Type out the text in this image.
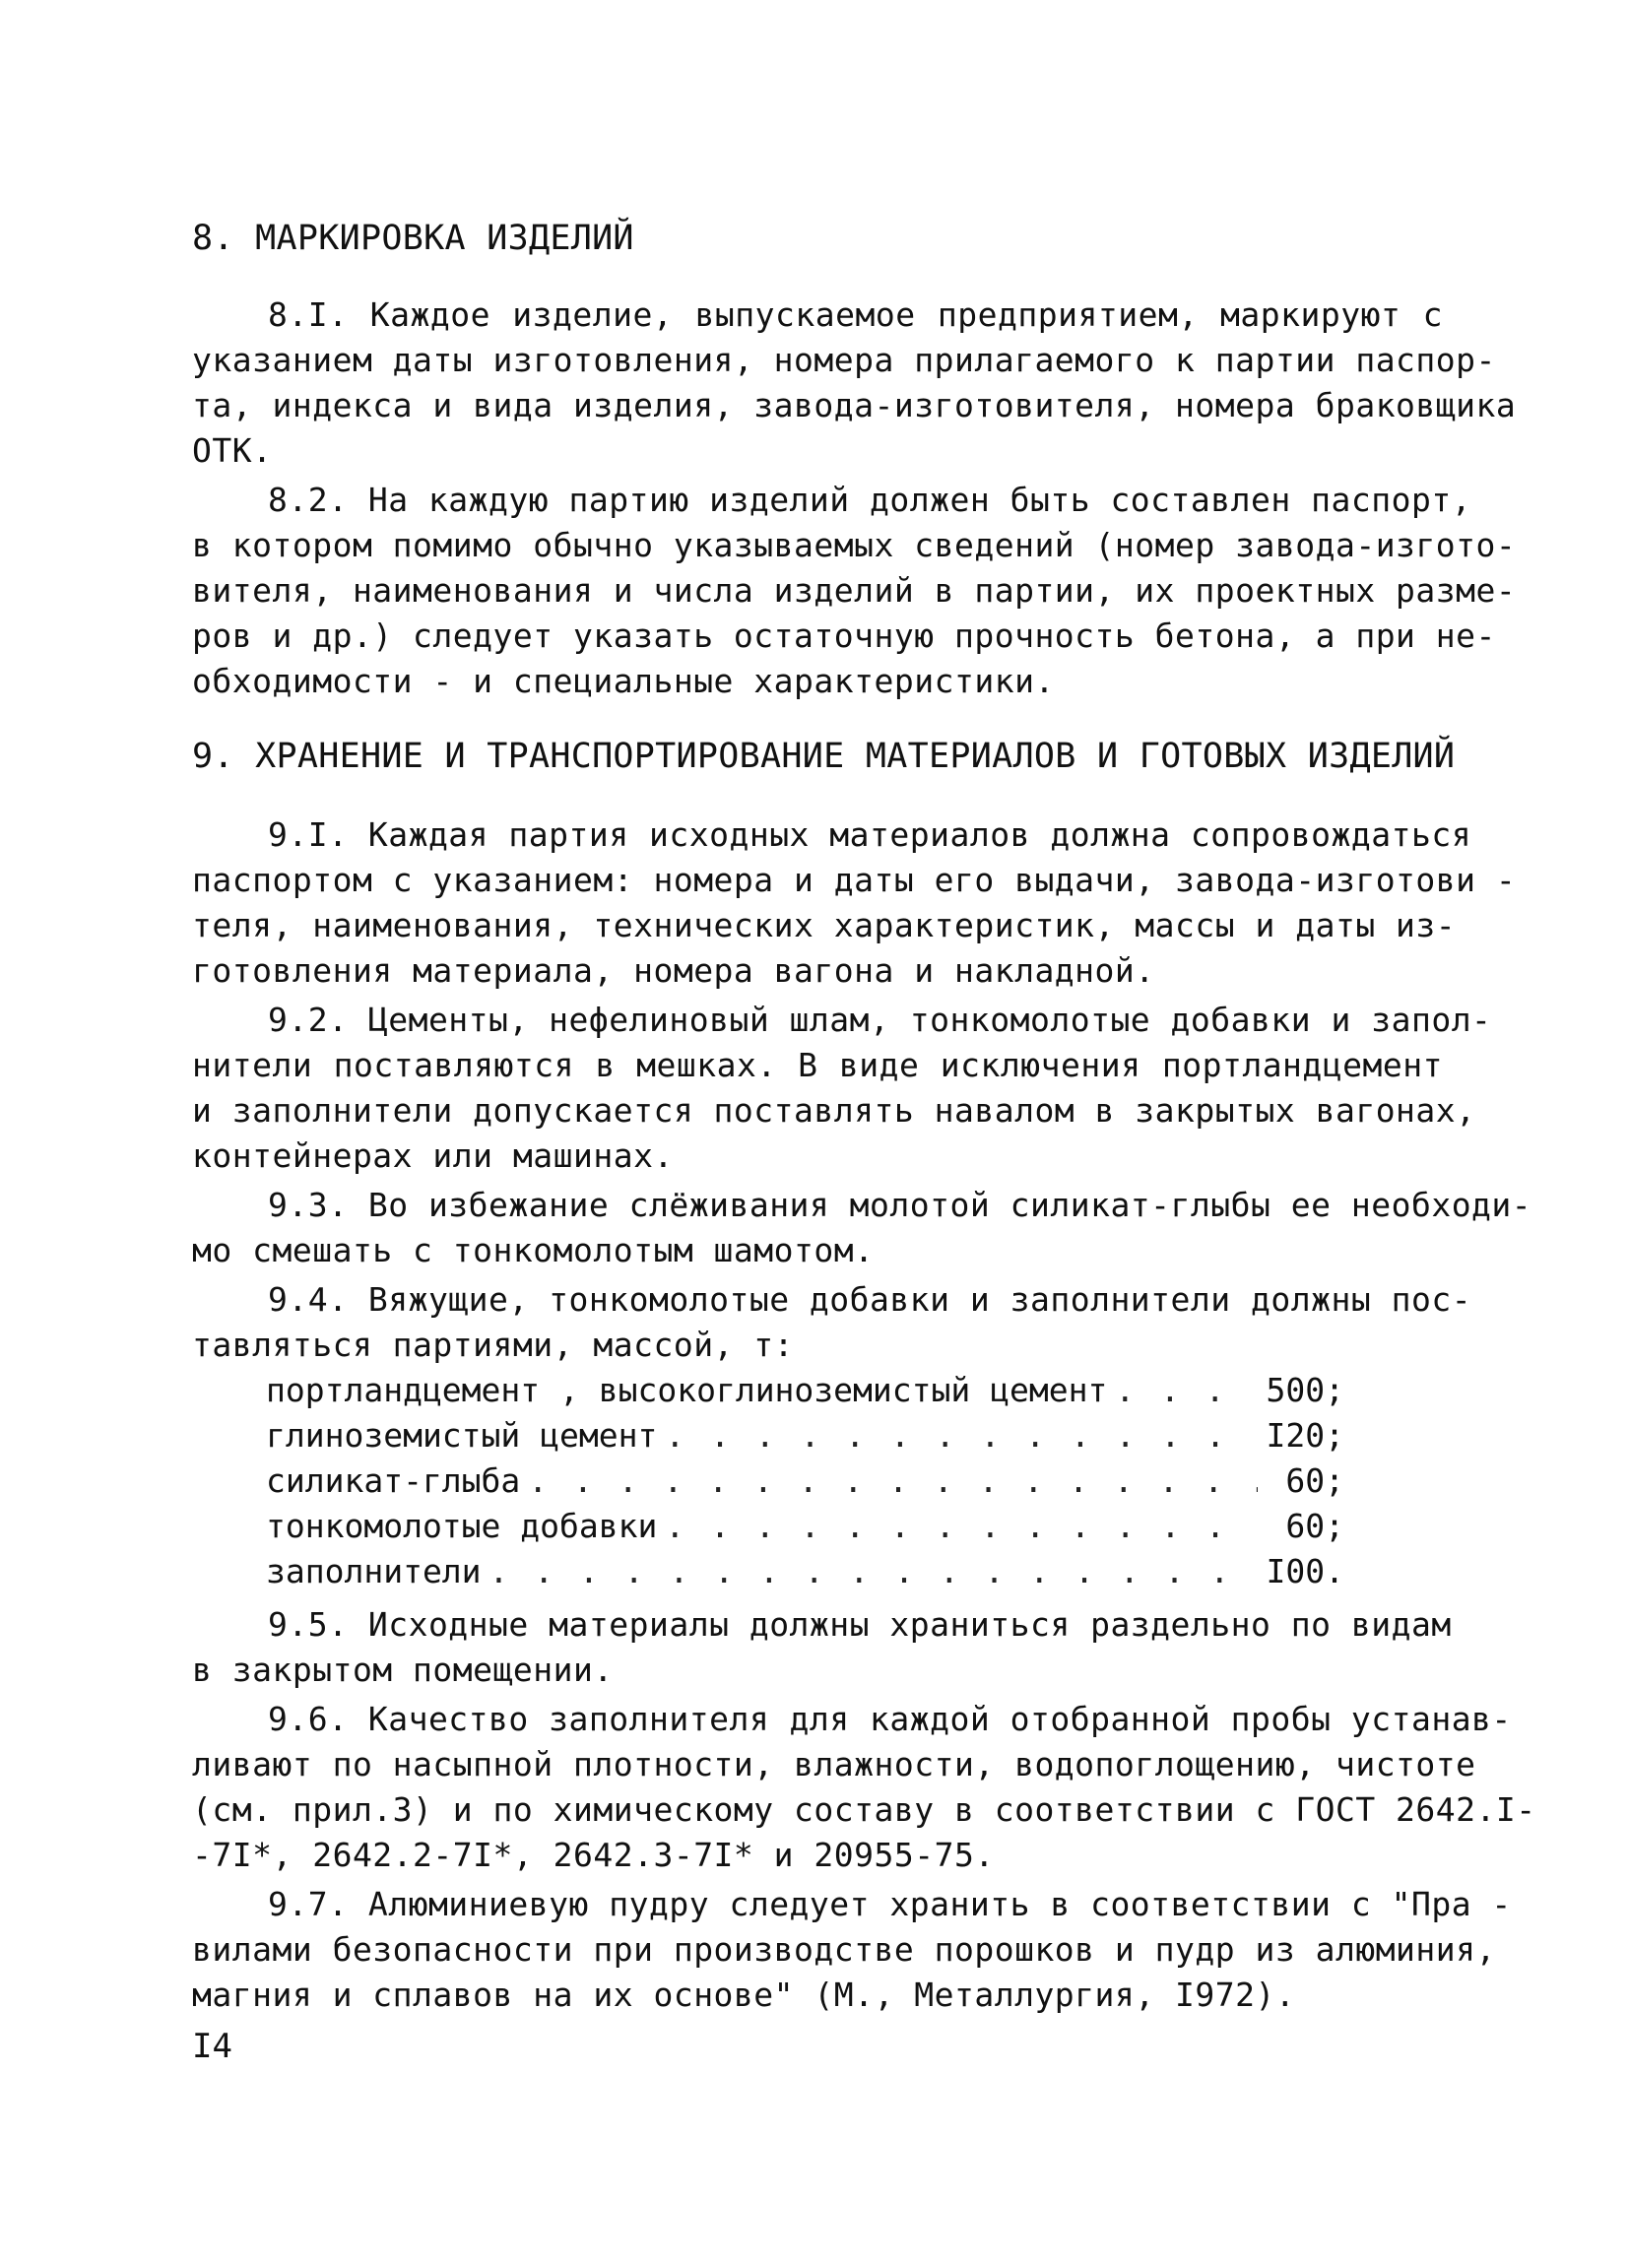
8. МАРКИРОВКА ИЗДЕЛИЙ
8.I. Каждое изделие, выпускаемое предприятием, маркируют с
указанием даты изготовления, номера прилагаемого к партии паспор-
та, индекса и вида изделия, завода-изготовителя, номера браковщика
ОТК.
8.2. На каждую партию изделий должен быть составлен паспорт,
в котором помимо обычно указываемых сведений (номер завода-изгото-
вителя, наименования и числа изделий в партии, их проектных разме-
ров и др.) следует указать остаточную прочность бетона, а при не-
обходимости - и специальные характеристики.
9. ХРАНЕНИЕ И ТРАНСПОРТИРОВАНИЕ МАТЕРИАЛОВ И ГОТОВЫХ ИЗДЕЛИЙ
9.I. Каждая партия исходных материалов должна сопровождаться
паспортом с указанием: номера и даты его выдачи, завода-изготови -
теля, наименования, технических характеристик, массы и даты из-
готовления материала, номера вагона и накладной.
9.2. Цементы, нефелиновый шлам, тонкомолотые добавки и запол-
нители поставляются в мешках. В виде исключения портландцемент
и заполнители допускается поставлять навалом в закрытых вагонах,
контейнерах или машинах.
9.3. Во избежание слёживания молотой силикат-глыбы ее необходи-
мо смешать с тонкомолотым шамотом.
9.4. Вяжущие, тонкомолотые добавки и заполнители должны пос-
тавляться партиями, массой, т:
портландцемент , высокоглиноземистый цемент . . .	500;
глиноземистый цемент . . .	I20;
силикат-глыба . . .	60;
тонкомолотые добавки . . .	60;
заполнители . . .	I00.
9.5. Исходные материалы должны храниться раздельно по видам
в закрытом помещении.
9.6. Качество заполнителя для каждой отобранной пробы устанав-
ливают по насыпной плотности, влажности, водопоглощению, чистоте
(см. прил.3) и по химическому составу в соответствии с ГОСТ 2642.I-
-7I*, 2642.2-7I*, 2642.3-7I* и 20955-75.
9.7. Алюминиевую пудру следует хранить в соответствии с "Пра -
вилами безопасности при производстве порошков и пудр из алюминия,
магния и сплавов на их основе" (М., Металлургия, I972).
I4
